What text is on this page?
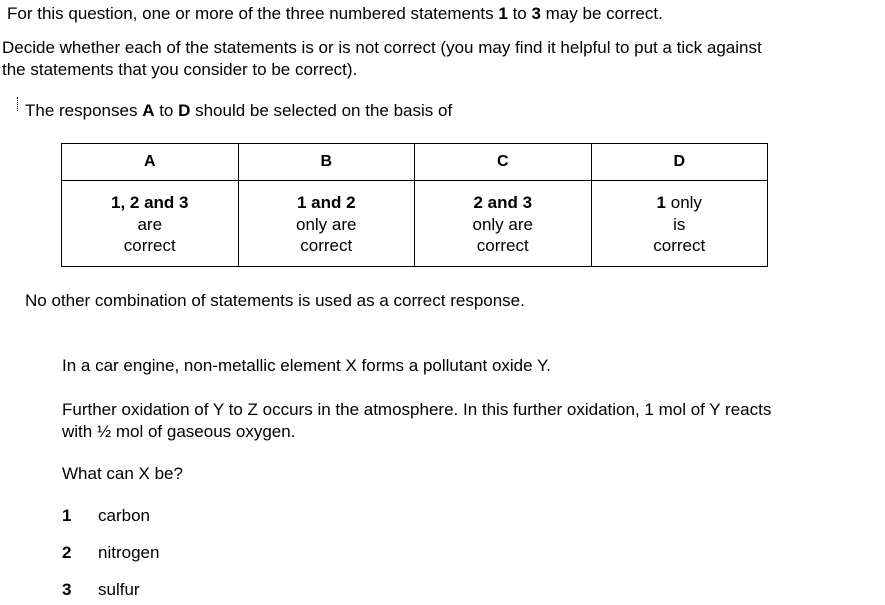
For this question, one or more of the three numbered statements 1 to 3 may be correct.
Decide whether each of the statements is or is not correct (you may find it helpful to put a tick against
the statements that you consider to be correct).
The responses A to D should be selected on the basis of
A	B	C	D

1, 2 and 3
are
correct	1 and 2
only are
correct	2 and 3
only are
correct	1 only
is
correct
No other combination of statements is used as a correct response.
In a car engine, non-metallic element X forms a pollutant oxide Y.
Further oxidation of Y to Z occurs in the atmosphere. In this further oxidation, 1 mol of Y reacts
with ½ mol of gaseous oxygen.
What can X be?
1 carbon
2 nitrogen
3 sulfur
